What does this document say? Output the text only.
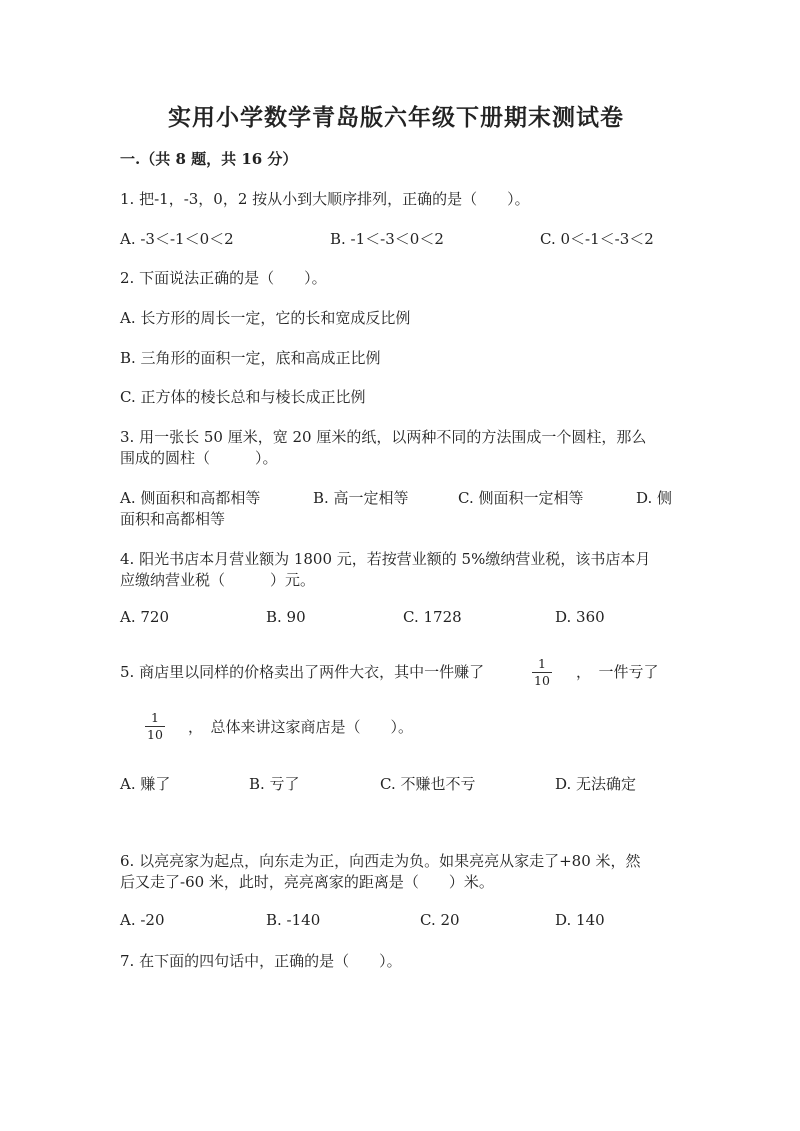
实用小学数学青岛版六年级下册期末测试卷
一.（共 8 题，共 16 分）
1. 把-1，-3，0，2 按从小到大顺序排列，正确的是（　　）。
A. -3＜-1＜0＜2	B. -1＜-3＜0＜2	C. 0＜-1＜-3＜2
2. 下面说法正确的是（　　）。
A. 长方形的周长一定，它的长和宽成反比例
B. 三角形的面积一定，底和高成正比例
C. 正方体的棱长总和与棱长成正比例
3. 用一张长 50 厘米，宽 20 厘米的纸，以两种不同的方法围成一个圆柱，那么
围成的圆柱（　　　）。
A. 侧面积和高都相等	B. 高一定相等	C. 侧面积一定相等	D. 侧
面积和高都相等
4. 阳光书店本月营业额为 1800 元，若按营业额的 5%缴纳营业税，该书店本月
应缴纳营业税（　　　）元。
A. 720	B. 90	C. 1728	D. 360
5. 商店里以同样的价格卖出了两件大衣，其中一件赚了	1
10 ，　一件亏了
1
10 ，　总体来讲这家商店是（　　）。
A. 赚了	B. 亏了	C. 不赚也不亏	D. 无法确定
6. 以亮亮家为起点，向东走为正，向西走为负。如果亮亮从家走了+80 米，然
后又走了-60 米，此时，亮亮离家的距离是（　　）米。
A. -20	B. -140	C. 20	D. 140
7. 在下面的四句话中，正确的是（　　）。
